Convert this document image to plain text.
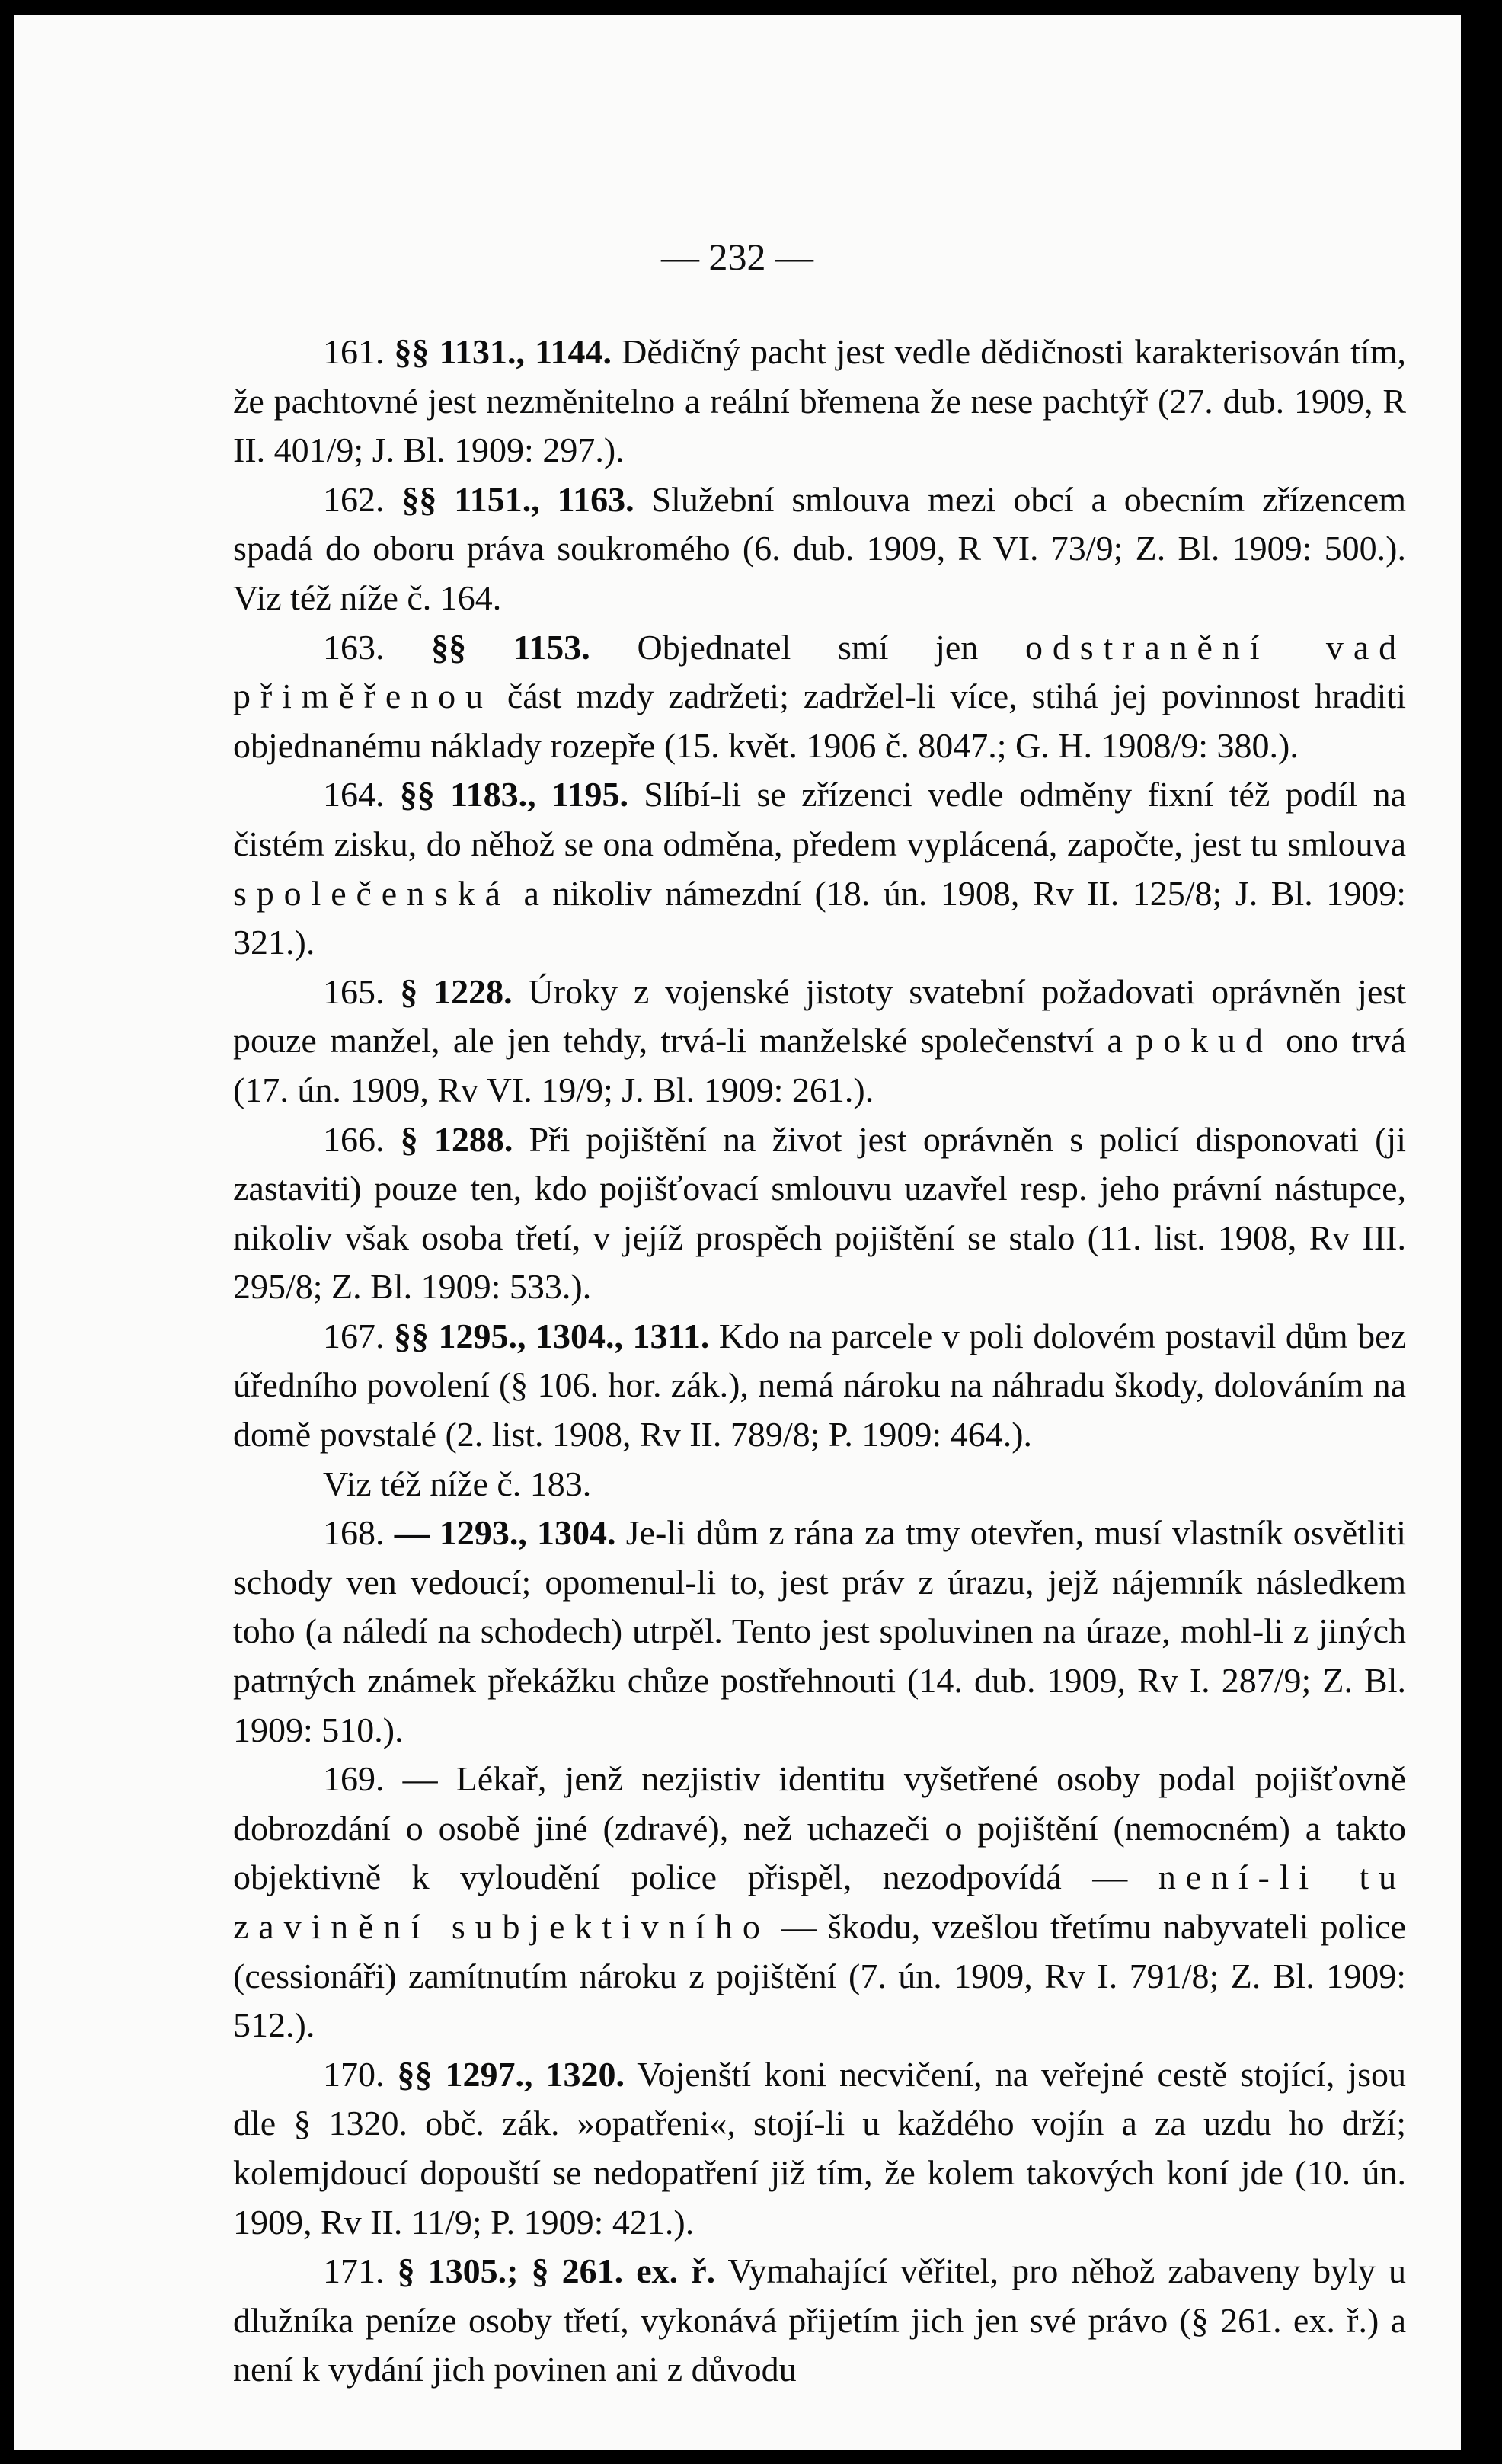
— 232 —

161. §§ 1131., 1144. Dědičný pacht jest vedle dědičnosti karakterisován tím, že pachtovné jest nezměnitelno a reální břemena že nese pachtýř (27. dub. 1909, R II. 401/9; J. Bl. 1909: 297.).

162. §§ 1151., 1163. Služební smlouva mezi obcí a obecním zřízencem spadá do oboru práva soukromého (6. dub. 1909, R VI. 73/9; Z. Bl. 1909: 500.). Viz též níže č. 164.

163. §§ 1153. Objednatel smí jen odstranění vad přiměřenou část mzdy zadržeti; zadržel-li více, stihá jej povinnost hraditi objednanému náklady rozepře (15. květ. 1906 č. 8047.; G. H. 1908/9: 380.).

164. §§ 1183., 1195. Slíbí-li se zřízenci vedle odměny fixní též podíl na čistém zisku, do něhož se ona odměna, předem vyplácená, započte, jest tu smlouva společenská a nikoliv námezdní (18. ún. 1908, Rv II. 125/8; J. Bl. 1909: 321.).

165. § 1228. Úroky z vojenské jistoty svatební požadovati oprávněn jest pouze manžel, ale jen tehdy, trvá-li manželské společenství a pokud ono trvá (17. ún. 1909, Rv VI. 19/9; J. Bl. 1909: 261.).

166. § 1288. Při pojištění na život jest oprávněn s policí disponovati (ji zastaviti) pouze ten, kdo pojišťovací smlouvu uzavřel resp. jeho právní nástupce, nikoliv však osoba třetí, v jejíž prospěch pojištění se stalo (11. list. 1908, Rv III. 295/8; Z. Bl. 1909: 533.).

167. §§ 1295., 1304., 1311. Kdo na parcele v poli dolovém postavil dům bez úředního povolení (§ 106. hor. zák.), nemá nároku na náhradu škody, dolováním na domě povstalé (2. list. 1908, Rv II. 789/8; P. 1909: 464.).

Viz též níže č. 183.

168. — 1293., 1304. Je-li dům z rána za tmy otevřen, musí vlastník osvětliti schody ven vedoucí; opomenul-li to, jest práv z úrazu, jejž nájemník následkem toho (a náledí na schodech) utrpěl. Tento jest spoluvinen na úraze, mohl-li z jiných patrných známek překážku chůze postřehnouti (14. dub. 1909, Rv I. 287/9; Z. Bl. 1909: 510.).

169. — Lékař, jenž nezjistiv identitu vyšetřené osoby podal pojišťovně dobrozdání o osobě jiné (zdravé), než uchazeči o pojištění (nemocném) a takto objektivně k vyloudění police přispěl, nezodpovídá — není-li tu zavinění subjektivního — škodu, vzešlou třetímu nabyvateli police (cessionáři) zamítnutím nároku z pojištění (7. ún. 1909, Rv I. 791/8; Z. Bl. 1909: 512.).

170. §§ 1297., 1320. Vojenští koni necvičení, na veřejné cestě stojící, jsou dle § 1320. obč. zák. »opatřeni«, stojí-li u každého vojín a za uzdu ho drží; kolemjdoucí dopouští se nedopatření již tím, že kolem takových koní jde (10. ún. 1909, Rv II. 11/9; P. 1909: 421.).

171. § 1305.; § 261. ex. ř. Vymahající věřitel, pro něhož zabaveny byly u dlužníka peníze osoby třetí, vykonává přijetím jich jen své právo (§ 261. ex. ř.) a není k vydání jich povinen ani z důvodu
